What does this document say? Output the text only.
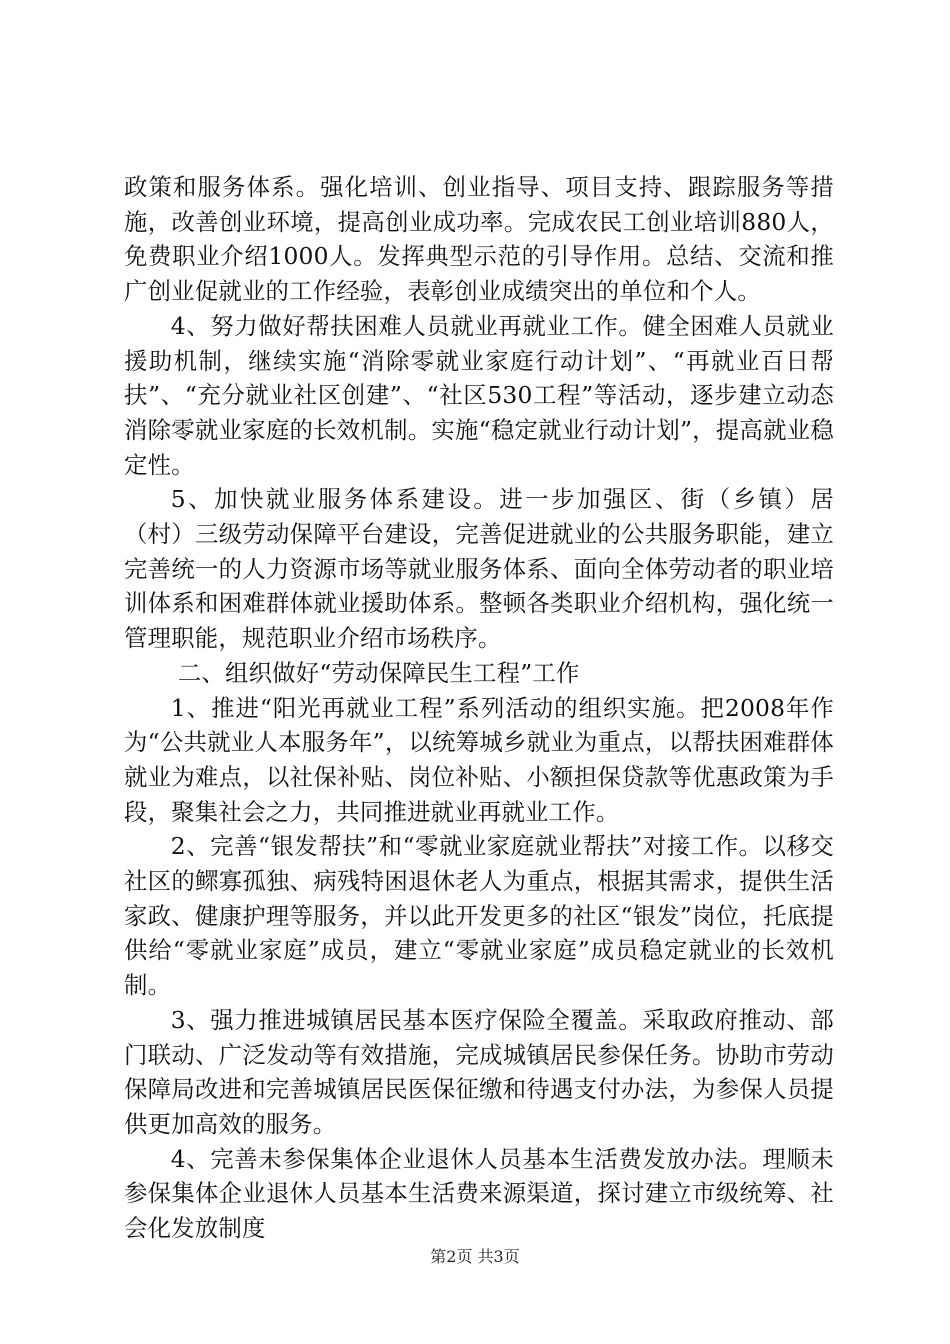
政策和服务体系。强化培训、创业指导、项目支持、跟踪服务等措施，改善创业环境，提高创业成功率。完成农民工创业培训880人，免费职业介绍1000人。发挥典型示范的引导作用。总结、交流和推广创业促就业的工作经验，表彰创业成绩突出的单位和个人。

4、努力做好帮扶困难人员就业再就业工作。健全困难人员就业援助机制，继续实施“消除零就业家庭行动计划”、“再就业百日帮扶”、“充分就业社区创建”、“社区530工程”等活动，逐步建立动态消除零就业家庭的长效机制。实施“稳定就业行动计划”，提高就业稳定性。

5、加快就业服务体系建设。进一步加强区、街（乡镇）居（村）三级劳动保障平台建设，完善促进就业的公共服务职能，建立完善统一的人力资源市场等就业服务体系、面向全体劳动者的职业培训体系和困难群体就业援助体系。整顿各类职业介绍机构，强化统一管理职能，规范职业介绍市场秩序。

二、组织做好“劳动保障民生工程”工作

1、推进“阳光再就业工程”系列活动的组织实施。把2008年作为“公共就业人本服务年”，以统筹城乡就业为重点，以帮扶困难群体就业为难点，以社保补贴、岗位补贴、小额担保贷款等优惠政策为手段，聚集社会之力，共同推进就业再就业工作。

2、完善“银发帮扶”和“零就业家庭就业帮扶”对接工作。以移交社区的鳏寡孤独、病残特困退休老人为重点，根据其需求，提供生活家政、健康护理等服务，并以此开发更多的社区“银发”岗位，托底提供给“零就业家庭”成员，建立“零就业家庭”成员稳定就业的长效机制。

3、强力推进城镇居民基本医疗保险全覆盖。采取政府推动、部门联动、广泛发动等有效措施，完成城镇居民参保任务。协助市劳动保障局改进和完善城镇居民医保征缴和待遇支付办法，为参保人员提供更加高效的服务。

4、完善未参保集体企业退休人员基本生活费发放办法。理顺未参保集体企业退休人员基本生活费来源渠道，探讨建立市级统筹、社会化发放制度

第2页 共3页
